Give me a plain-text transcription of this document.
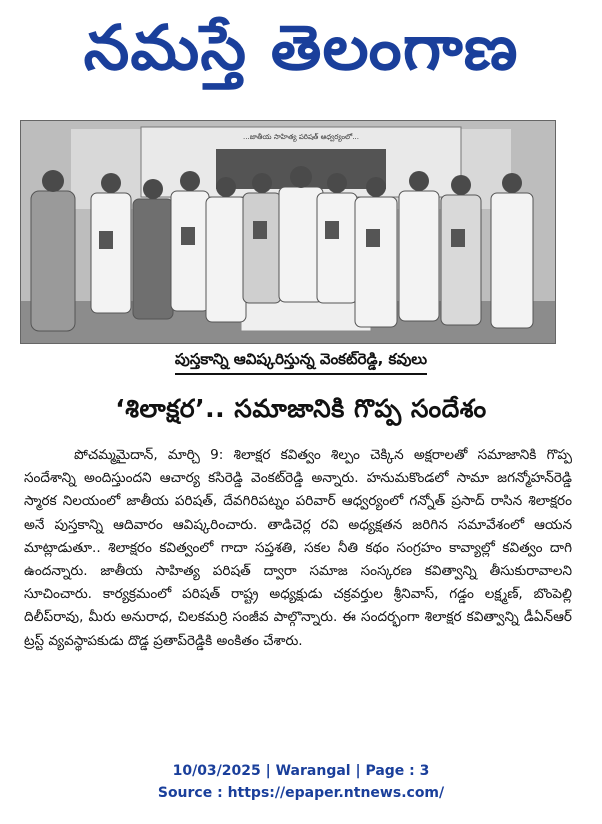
నమస్తే తెలంగాణ
...జాతీయ సాహిత్య పరిషత్ ఆధ్వర్యంలో...
పుస్తకాన్ని ఆవిష్కరిస్తున్న వెంకట్‌రెడ్డి, కవులు
‘శిలాక్షర’.. సమాజానికి గొప్ప సందేశం

పోచమ్మమైదాన్, మార్చి 9: శిలాక్షర కవిత్వం శిల్పం చెక్కిన అక్షరాలతో సమాజానికి గొప్ప సందేశాన్ని అందిస్తుందని ఆచార్య కసిరెడ్డి వెంకట్‌రెడ్డి అన్నారు. హనుమకొండలో సామా జగన్మోహన్‌రెడ్డి స్మారక నిలయంలో జాతీయ పరిషత్, దేవగిరిపట్నం పరివార్ ఆధ్వర్యంలో గన్నోత్ ప్రసాద్ రాసిన శిలాక్షరం అనే పుస్తకాన్ని ఆదివారం ఆవిష్కరించారు. తాడిచెర్ల రవి అధ్యక్షతన జరిగిన సమావేశంలో ఆయన మాట్లాడుతూ.. శిలాక్షరం కవిత్వంలో గాదా సప్తశతి, సకల నీతి కథం సంగ్రహం కావ్యాల్లో కవిత్వం దాగి ఉందన్నారు. జాతీయ సాహిత్య పరిషత్ ద్వారా సమాజ సంస్కరణ కవిత్వాన్ని తీసుకురావాలని సూచించారు. కార్యక్రమంలో పరిషత్ రాష్ట్ర అధ్యక్షుడు చక్రవర్తుల శ్రీనివాస్, గడ్డం లక్ష్మణ్, బొంపెల్లి దిలీప్‌రావు, మీరు అనురాధ, చిలకమర్రి సంజీవ పాల్గొన్నారు. ఈ సందర్భంగా శిలాక్షర కవిత్వాన్ని డీఏన్ఆర్ ట్రస్ట్ వ్యవస్థాపకుడు దొడ్డ ప్రతాప్‌రెడ్డికి అంకితం చేశారు.

10/03/2025 | Warangal | Page : 3
Source : https://epaper.ntnews.com/
